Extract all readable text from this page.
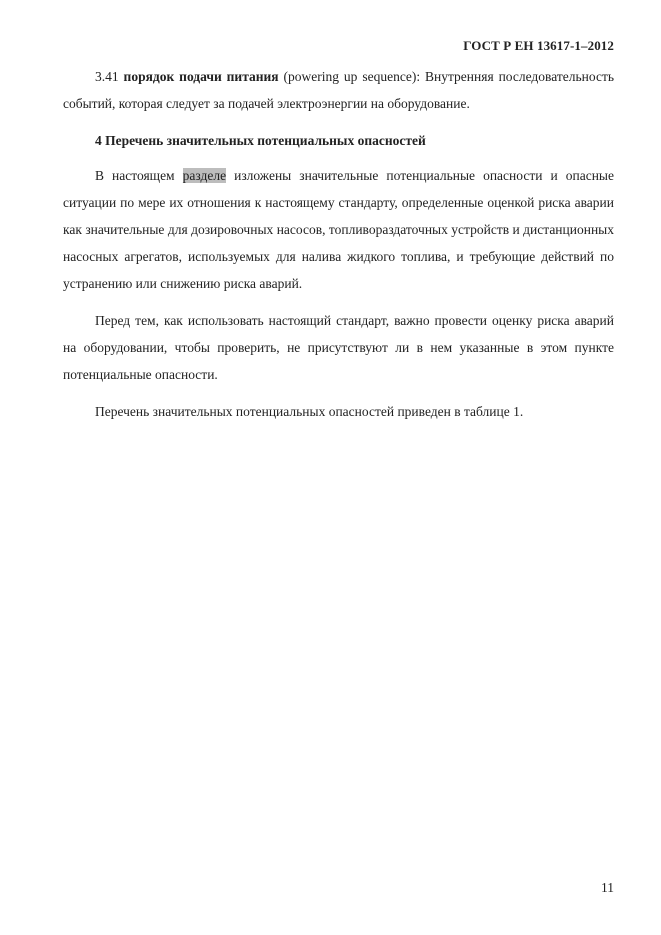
ГОСТ Р ЕН 13617-1–2012

3.41 порядок подачи питания (powering up sequence): Внутренняя последовательность событий, которая следует за подачей электроэнергии на оборудование.

4 Перечень значительных потенциальных опасностей

В настоящем разделе изложены значительные потенциальные опасности и опасные ситуации по мере их отношения к настоящему стандарту, определенные оценкой риска аварии как значительные для дозировочных насосов, топливораздаточных устройств и дистанционных насосных агрегатов, используемых для налива жидкого топлива, и требующие действий по устранению или снижению риска аварий.

Перед тем, как использовать настоящий стандарт, важно провести оценку риска аварий на оборудовании, чтобы проверить, не присутствуют ли в нем указанные в этом пункте потенциальные опасности.

Перечень значительных потенциальных опасностей приведен в таблице 1.

11
